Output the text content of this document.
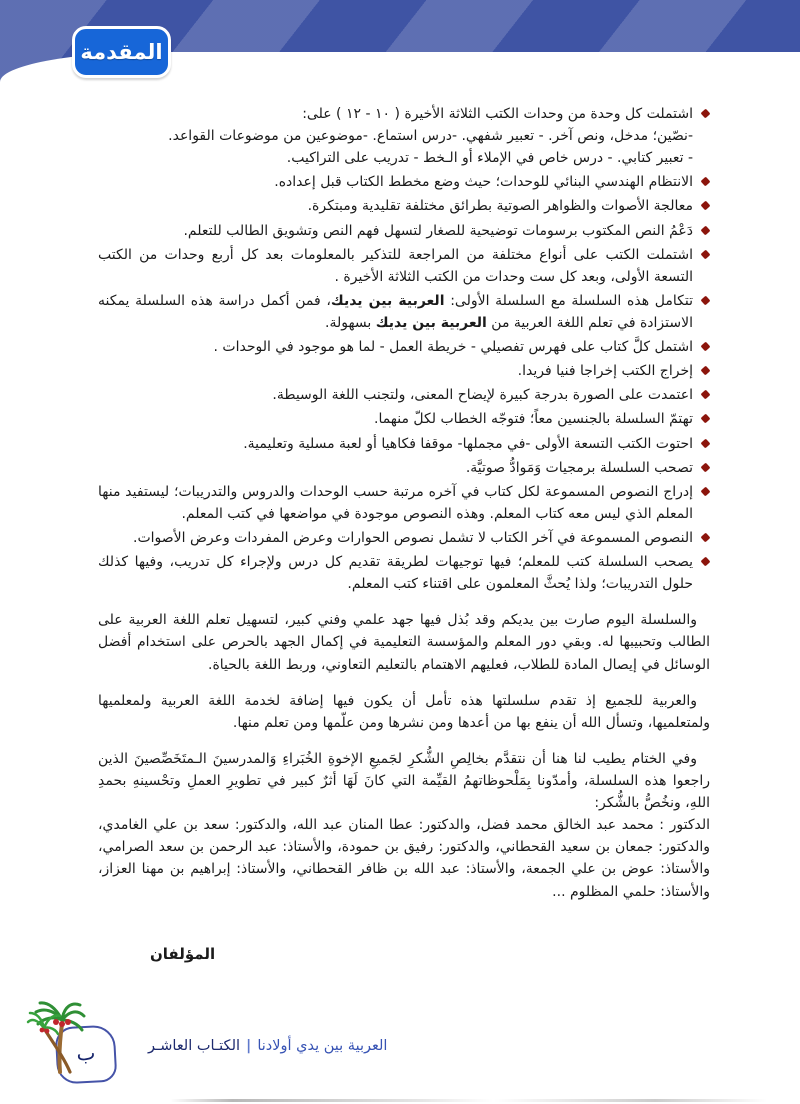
المقدمة
اشتملت كل وحدة من وحدات الكتب الثلاثة الأخيرة ( ١٠ - ١٢ ) على:
-نصّين؛ مدخل، ونص آخر. - تعبير شفهي. -درس استماع. -موضوعين من موضوعات القواعد.
- تعبير كتابي. - درس خاص في الإملاء أو الـخط - تدريب على التراكيب.
الانتظام الهندسي البنائي للوحدات؛ حيث وضع مخطط الكتاب قبل إعداده.
معالجة الأصوات والظواهر الصوتية بطرائق مختلفة تقليدية ومبتكرة.
دَعْمُ النص المكتوب برسومات توضيحية للصغار لتسهل فهم النص وتشويق الطالب للتعلم.
اشتملت الكتب على أنواع مختلفة من المراجعة للتذكير بالمعلومات بعد كل أربع وحدات من الكتب التسعة الأولى، وبعد كل ست وحدات من الكتب الثلاثة الأخيرة .
تتكامل هذه السلسلة مع السلسلة الأولى: العربية بين يديك، فمن أكمل دراسة هذه السلسلة يمكنه الاستزادة في تعلم اللغة العربية من العربية بين يديك بسهولة.
اشتمل كلَّ كتاب على فهرس تفصيلي - خريطة العمل - لما هو موجود في الوحدات .
إخراج الكتب إخراجا فنيا فريدا.
اعتمدت على الصورة بدرجة كبيرة لإيضاح المعنى، ولتجنب اللغة الوسيطة.
تهتمّ السلسلة بالجنسين معاً؛ فتوجّه الخطاب لكلّ منهما.
احتوت الكتب التسعة الأولى -في مجملها- موقفا فكاهيا أو لعبة مسلية وتعليمية.
تصحب السلسلة برمجيات وَمَوادُّ صوتيَّة.
إدراج النصوص المسموعة لكل كتاب في آخره مرتبة حسب الوحدات والدروس والتدريبات؛ ليستفيد منها المعلم الذي ليس معه كتاب المعلم. وهذه النصوص موجودة في مواضعها في كتب المعلم.
النصوص المسموعة في آخر الكتاب لا تشمل نصوص الحوارات وعرض المفردات وعرض الأصوات.
يصحب السلسلة كتب للمعلم؛ فيها توجيهات لطريقة تقديم كل درس ولإجراء كل تدريب، وفيها كذلك حلول التدريبات؛ ولذا يُحثَّ المعلمون على اقتناء كتب المعلم.

والسلسلة اليوم صارت بين يديكم وقد بُذل فيها جهد علمي وفني كبير، لتسهيل تعلم اللغة العربية على الطالب وتحبيبها له. وبقي دور المعلم والمؤسسة التعليمية في إكمال الجهد بالحرص على استخدام أفضل الوسائل في إيصال المادة للطلاب، فعليهم الاهتمام بالتعليم التعاوني، وربط اللغة بالحياة.

والعربية للجميع إذ تقدم سلسلتها هذه تأمل أن يكون فيها إضافة لخدمة اللغة العربية ولمعلميها ولمتعلميها، وتسأل الله أن ينفع بها من أعدها ومن نشرها ومن علّمها ومن تعلم منها.

وفي الختام يطيب لنا هنا أن نتقدَّم بخالِصِ الشُّكرِ لجَميعِ الإخوةِ الخُبَراءِ وَالمدرسينَ الـمتَخَصِّصينَ الذين راجعوا هذه السلسلة، وأمدّونا بِمَلْحوظاتهمُ القيِّمة التي كانَ لَهَا أثرٌ كبير في تطويرِ العملِ وتحْسينهِ بحمدِ اللهِ، ونخُصُّ بالشُّكر:

الدكتور : محمد عبد الخالق محمد فضل، والدكتور: عطا المنان عبد الله، والدكتور: سعد بن علي الغامدي، والدكتور: جمعان بن سعيد القحطاني، والدكتور: رفيق بن حمودة، والأستاذ: عبد الرحمن بن سعد الصرامي، والأستاذ: عوض بن علي الجمعة، والأستاذ: عبد الله بن ظافر القحطاني، والأستاذ: إبراهيم بن مهنا العزاز، والأستاذ: حلمي المظلوم ...

المؤلفان
ب	العربية بين يدي أولادنا|الكتـاب العاشـر
